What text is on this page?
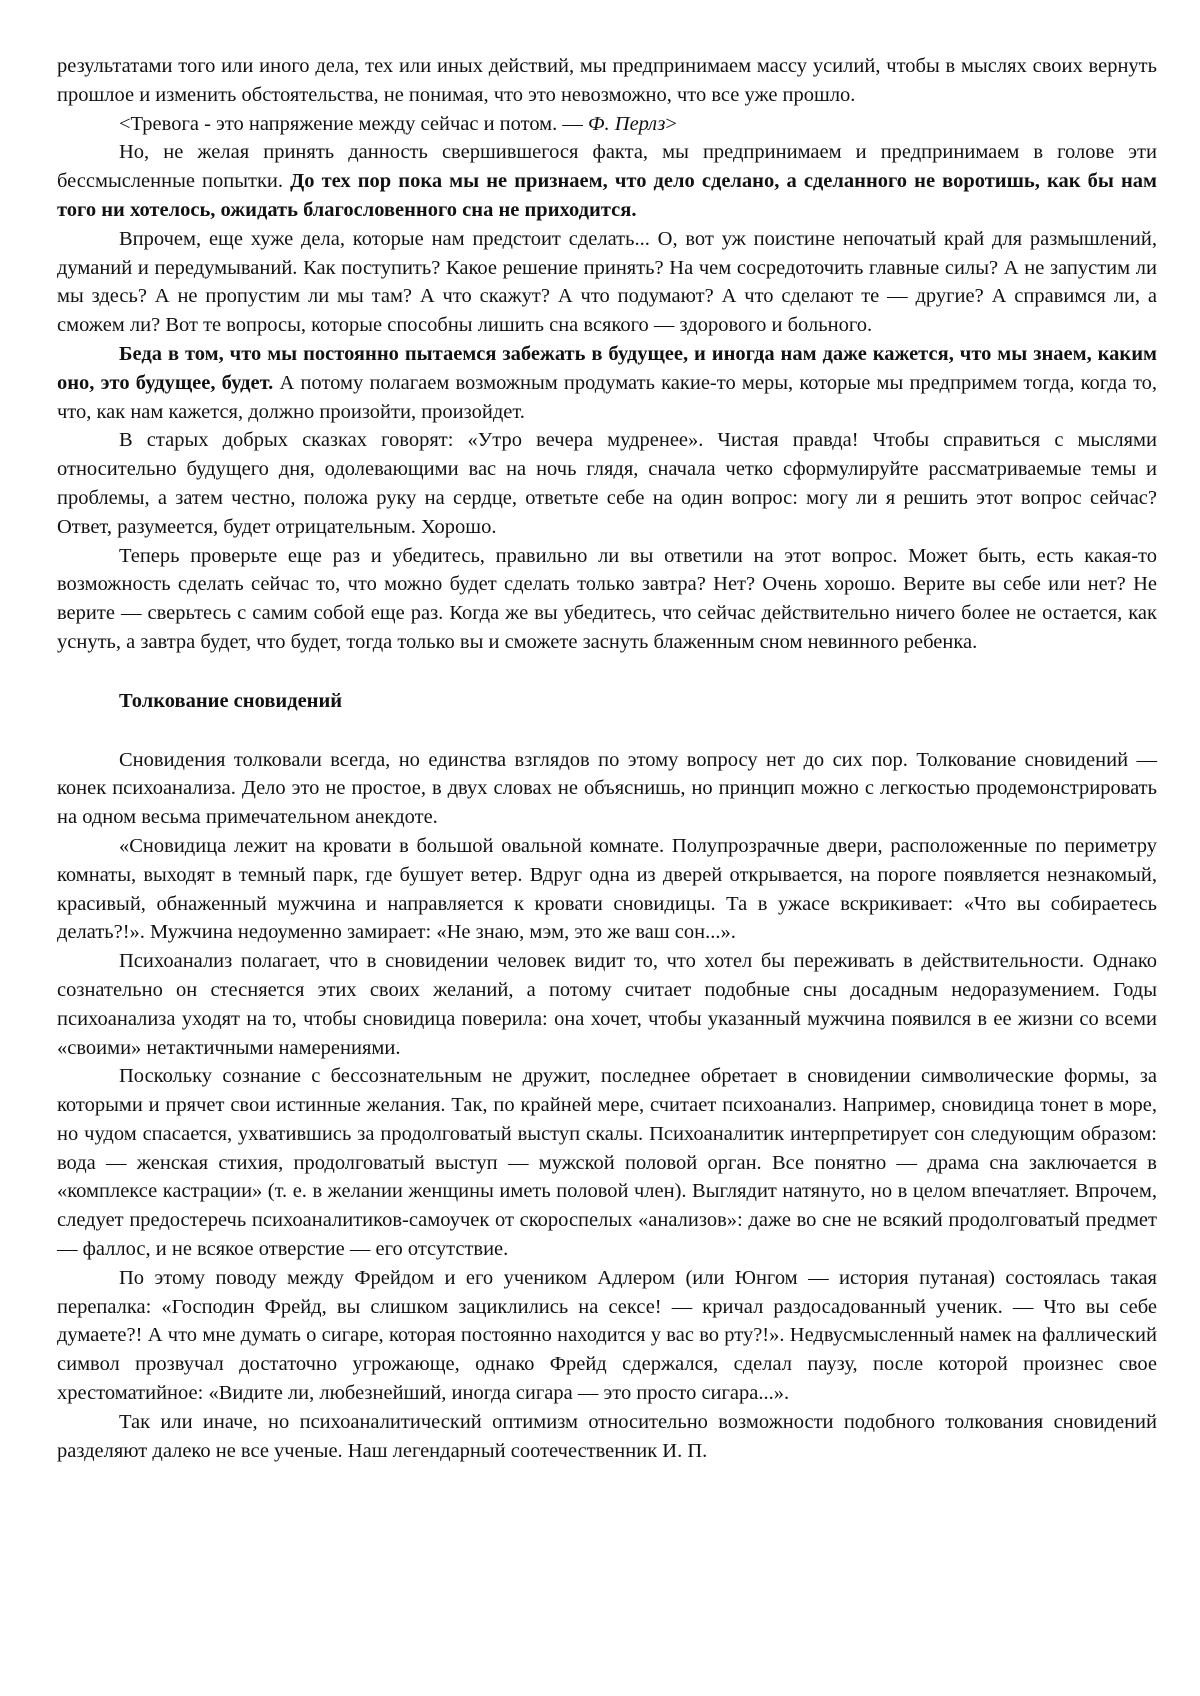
результатами того или иного дела, тех или иных действий, мы предпринимаем массу усилий, чтобы в мыслях своих вернуть прошлое и изменить обстоятельства, не понимая, что это невозможно, что все уже прошло.

<Тревога - это напряжение между сейчас и потом. — Ф. Перлз>

Но, не желая принять данность свершившегося факта, мы предпринимаем и предпринимаем в голове эти бессмысленные попытки. До тех пор пока мы не признаем, что дело сделано, а сделанного не воротишь, как бы нам того ни хотелось, ожидать благословенного сна не приходится.

Впрочем, еще хуже дела, которые нам предстоит сделать... О, вот уж поистине непочатый край для размышлений, думаний и передумываний. Как поступить? Какое решение принять? На чем сосредоточить главные силы? А не запустим ли мы здесь? А не пропустим ли мы там? А что скажут? А что подумают? А что сделают те — другие? А справимся ли, а сможем ли? Вот те вопросы, которые способны лишить сна всякого — здорового и больного.

Беда в том, что мы постоянно пытаемся забежать в будущее, и иногда нам даже кажется, что мы знаем, каким оно, это будущее, будет. А потому полагаем возможным продумать какие-то меры, которые мы предпримем тогда, когда то, что, как нам кажется, должно произойти, произойдет.

В старых добрых сказках говорят: «Утро вечера мудренее». Чистая правда! Чтобы справиться с мыслями относительно будущего дня, одолевающими вас на ночь глядя, сначала четко сформулируйте рассматриваемые темы и проблемы, а затем честно, положа руку на сердце, ответьте себе на один вопрос: могу ли я решить этот вопрос сейчас? Ответ, разумеется, будет отрицательным. Хорошо.

Теперь проверьте еще раз и убедитесь, правильно ли вы ответили на этот вопрос. Может быть, есть какая-то возможность сделать сейчас то, что можно будет сделать только завтра? Нет? Очень хорошо. Верите вы себе или нет? Не верите — сверьтесь с самим собой еще раз. Когда же вы убедитесь, что сейчас действительно ничего более не остается, как уснуть, а завтра будет, что будет, тогда только вы и сможете заснуть блаженным сном невинного ребенка.

Толкование сновидений

Сновидения толковали всегда, но единства взглядов по этому вопросу нет до сих пор. Толкование сновидений — конек психоанализа. Дело это не простое, в двух словах не объяснишь, но принцип можно с легкостью продемонстрировать на одном весьма примечательном анекдоте.

«Сновидица лежит на кровати в большой овальной комнате. Полупрозрачные двери, расположенные по периметру комнаты, выходят в темный парк, где бушует ветер. Вдруг одна из дверей открывается, на пороге появляется незнакомый, красивый, обнаженный мужчина и направляется к кровати сновидицы. Та в ужасе вскрикивает: «Что вы собираетесь делать?!». Мужчина недоуменно замирает: «Не знаю, мэм, это же ваш сон...».

Психоанализ полагает, что в сновидении человек видит то, что хотел бы переживать в действительности. Однако сознательно он стесняется этих своих желаний, а потому считает подобные сны досадным недоразумением. Годы психоанализа уходят на то, чтобы сновидица поверила: она хочет, чтобы указанный мужчина появился в ее жизни со всеми «своими» нетактичными намерениями.

Поскольку сознание с бессознательным не дружит, последнее обретает в сновидении символические формы, за которыми и прячет свои истинные желания. Так, по крайней мере, считает психоанализ. Например, сновидица тонет в море, но чудом спасается, ухватившись за продолговатый выступ скалы. Психоаналитик интерпретирует сон следующим образом: вода — женская стихия, продолговатый выступ — мужской половой орган. Все понятно — драма сна заключается в «комплексе кастрации» (т. е. в желании женщины иметь половой член). Выглядит натянуто, но в целом впечатляет. Впрочем, следует предостеречь психоаналитиков-самоучек от скороспелых «анализов»: даже во сне не всякий продолговатый предмет — фаллос, и не всякое отверстие — его отсутствие.

По этому поводу между Фрейдом и его учеником Адлером (или Юнгом — история путаная) состоялась такая перепалка: «Господин Фрейд, вы слишком зациклились на сексе! — кричал раздосадованный ученик. — Что вы себе думаете?! А что мне думать о сигаре, которая постоянно находится у вас во рту?!». Недвусмысленный намек на фаллический символ прозвучал достаточно угрожающе, однако Фрейд сдержался, сделал паузу, после которой произнес свое хрестоматийное: «Видите ли, любезнейший, иногда сигара — это просто сигара...».

Так или иначе, но психоаналитический оптимизм относительно возможности подобного толкования сновидений разделяют далеко не все ученые. Наш легендарный соотечественник И. П.
